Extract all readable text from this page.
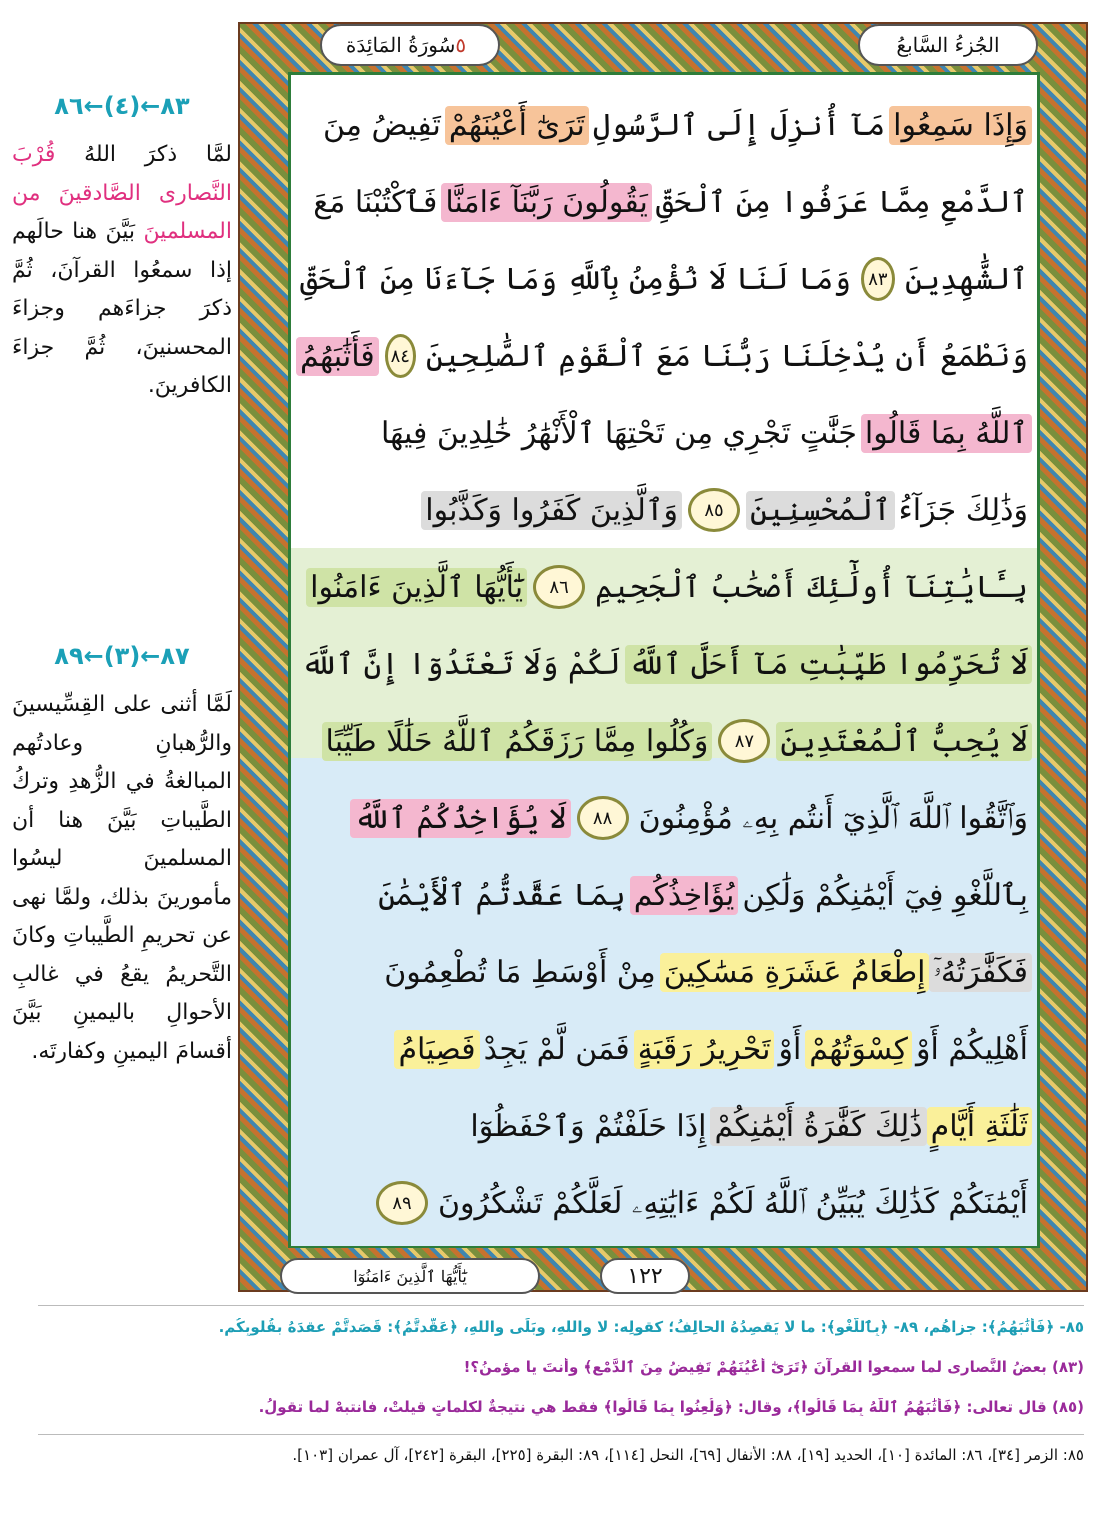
الجُزءُ السَّابعُ
سُورَةُ المَائِدَة ٥
وَإِذَا سَمِعُوا
مَآ أُنزِلَ إِلَى ٱلرَّسُولِ
تَرَىٰٓ أَعْيُنَهُمْ
تَفِيضُ مِنَ
ٱلدَّمْعِ مِمَّا عَرَفُوا مِنَ ٱلْحَقِّ
يَقُولُونَ رَبَّنَآ ءَامَنَّا
فَٱكْتُبْنَا مَعَ
ٱلشَّٰهِدِينَ
٨٣
وَمَا لَنَا لَا نُؤْمِنُ بِٱللَّهِ وَمَا جَآءَنَا مِنَ ٱلْحَقِّ
وَنَطْمَعُ أَن يُدْخِلَنَا رَبُّنَا مَعَ ٱلْقَوْمِ ٱلصَّٰلِحِينَ
٨٤
فَأَثَٰبَهُمُ
ٱللَّهُ بِمَا قَالُوا
جَنَّٰتٍ تَجْرِي مِن تَحْتِهَا ٱلْأَنْهَٰرُ خَٰلِدِينَ فِيهَا
وَذَٰلِكَ جَزَآءُ
ٱلْمُحْسِنِينَ
٨٥
وَٱلَّذِينَ كَفَرُوا وَكَذَّبُوا
بِـَٔايَٰتِنَآ أُولَٰٓئِكَ أَصْحَٰبُ ٱلْجَحِيمِ
٨٦
يَٰٓأَيُّهَا ٱلَّذِينَ ءَامَنُوا
لَا تُحَرِّمُوا طَيِّبَٰتِ مَآ أَحَلَّ ٱللَّهُ
لَكُمْ وَلَا تَعْتَدُوٓا إِنَّ ٱللَّهَ
لَا يُحِبُّ ٱلْمُعْتَدِينَ
٨٧
وَكُلُوا مِمَّا رَزَقَكُمُ ٱللَّهُ حَلَٰلًا طَيِّبًا
وَٱتَّقُوا ٱللَّهَ ٱلَّذِيٓ أَنتُم بِهِۦ مُؤْمِنُونَ
٨٨
لَا يُؤَاخِذُكُمُ ٱللَّهُ
بِٱللَّغْوِ فِيٓ أَيْمَٰنِكُمْ وَلَٰكِن
يُؤَاخِذُكُم
بِمَا عَقَّدتُّمُ ٱلْأَيْمَٰنَ
فَكَفَّٰرَتُهُۥٓ
إِطْعَامُ عَشَرَةِ مَسَٰكِينَ
مِنْ أَوْسَطِ مَا تُطْعِمُونَ
أَهْلِيكُمْ أَوْ
كِسْوَتُهُمْ
أَوْ
تَحْرِيرُ رَقَبَةٍ
فَمَن لَّمْ يَجِدْ
فَصِيَامُ
ثَلَٰثَةِ أَيَّامٍ
ذَٰلِكَ كَفَّٰرَةُ أَيْمَٰنِكُمْ
إِذَا حَلَفْتُمْ وَٱحْفَظُوٓا
أَيْمَٰنَكُمْ كَذَٰلِكَ يُبَيِّنُ ٱللَّهُ لَكُمْ ءَايَٰتِهِۦ لَعَلَّكُمْ تَشْكُرُونَ
٨٩
يَٰٓأَيُّهَا ٱلَّذِينَ ءَامَنُوٓا	١٢٢
٨٣←(٤)←٨٦
لمَّا ذكرَ اللهُ قُرْبَ النَّصارى الصَّادقينَ من المسلمينَ بَيَّنَ هنا حالَهم إذا سمعُوا القرآنَ، ثُمَّ ذكرَ جزاءَهم وجزاءَ المحسنينَ، ثُمَّ جزاءَ الكافرينَ.
٨٧←(٣)←٨٩
لَمَّا أثنى على القِسِّيسينَ والرُّهبانِ وعادتُهم المبالغةُ في الزُّهدِ وتركُ الطَّيباتِ بَيَّنَ هنا أن المسلمينَ ليسُوا مأمورينَ بذلك، ولمَّا نهى عن تحريمِ الطَّيباتِ وكانَ التَّحريمُ يقعُ في غالبِ الأحوالِ باليمينِ بَيَّنَ أقسامَ اليمينِ وكفارتَه.
٨٥- ﴿فَأَثَٰبَهُمُ﴾: جزاهُم، ٨٩- ﴿بِٱللَّغْوِ﴾: ما لا يَقصِدُهُ الحالِفُ؛ كقولِه: لا واللهِ، وبَلَى واللهِ، ﴿عَقَّدتُّمُ﴾: قَصَدتُّمْ عقدَهُ بقُلوبِكُم.
(٨٣) بعضُ النَّصارى لما سمعوا القرآنَ ﴿تَرَىٰٓ أَعْيُنَهُمْ تَفِيضُ مِنَ ٱلدَّمْعِ﴾ وأنتَ يا مؤمنُ؟!
(٨٥) قال تعالى: ﴿فَأَثَٰبَهُمُ ٱللَّهُ بِمَا قَالُوا﴾، وقال: ﴿وَلُعِنُوا بِمَا قَالُوا﴾ فقط هي نتيجةٌ لكلماتٍ قيلتْ، فانتبهْ لما تقولُ.
٨٥: الزمر [٣٤]، ٨٦: المائدة [١٠]، الحديد [١٩]، ٨٨: الأنفال [٦٩]، النحل [١١٤]، ٨٩: البقرة [٢٢٥]، البقرة [٢٤٢]، آل عمران [١٠٣].
